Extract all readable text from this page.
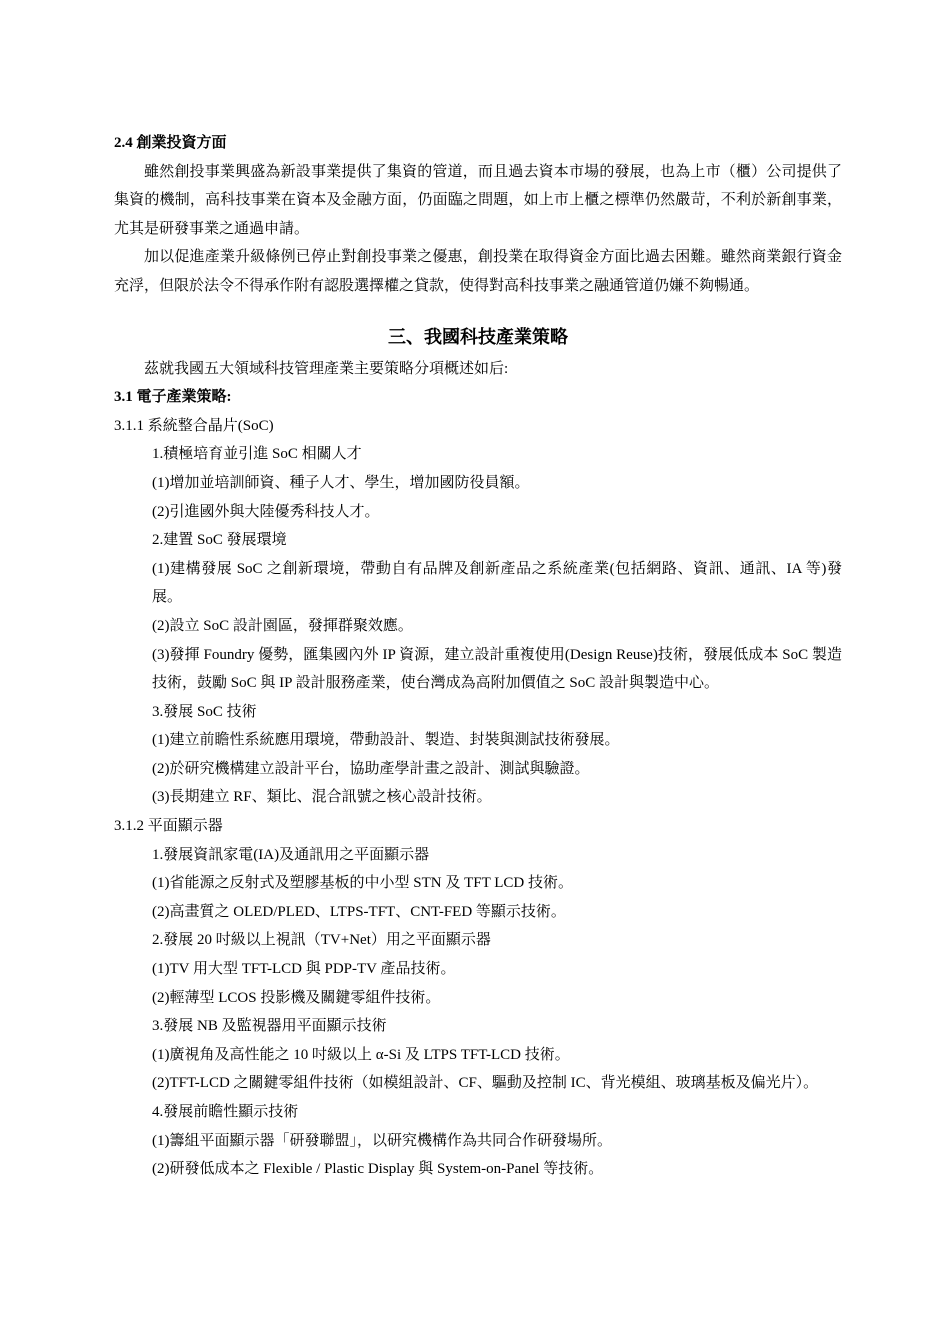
2.4 創業投資方面

雖然創投事業興盛為新設事業提供了集資的管道，而且過去資本市場的發展，也為上市（櫃）公司提供了集資的機制，高科技事業在資本及金融方面，仍面臨之問題，如上市上櫃之標準仍然嚴苛，不利於新創事業，尤其是研發事業之通過申請。

加以促進產業升級條例已停止對創投事業之優惠，創投業在取得資金方面比過去困難。雖然商業銀行資金充浮，但限於法令不得承作附有認股選擇權之貸款，使得對高科技事業之融通管道仍嫌不夠暢通。

三、我國科技產業策略

茲就我國五大領域科技管理產業主要策略分項概述如后:

3.1 電子產業策略:

3.1.1 系統整合晶片(SoC)

1.積極培育並引進 SoC 相關人才

(1)增加並培訓師資、種子人才、學生，增加國防役員額。

(2)引進國外與大陸優秀科技人才。

2.建置 SoC 發展環境

(1)建構發展 SoC 之創新環境，帶動自有品牌及創新產品之系統產業(包括網路、資訊、通訊、IA 等)發展。

(2)設立 SoC 設計園區，發揮群聚效應。

(3)發揮 Foundry 優勢，匯集國內外 IP 資源，建立設計重複使用(Design Reuse)技術，發展低成本 SoC 製造技術，鼓勵 SoC 與 IP 設計服務產業，使台灣成為高附加價值之 SoC 設計與製造中心。

3.發展 SoC 技術

(1)建立前瞻性系統應用環境，帶動設計、製造、封裝與測試技術發展。

(2)於研究機構建立設計平台，協助產學計畫之設計、測試與驗證。

(3)長期建立 RF、類比、混合訊號之核心設計技術。

3.1.2 平面顯示器

1.發展資訊家電(IA)及通訊用之平面顯示器

(1)省能源之反射式及塑膠基板的中小型 STN 及 TFT LCD 技術。

(2)高畫質之 OLED/PLED、LTPS-TFT、CNT-FED 等顯示技術。

2.發展 20 吋級以上視訊（TV+Net）用之平面顯示器

(1)TV 用大型 TFT-LCD 與 PDP-TV 產品技術。

(2)輕薄型 LCOS 投影機及關鍵零組件技術。

3.發展 NB 及監視器用平面顯示技術

(1)廣視角及高性能之 10 吋級以上 α-Si 及 LTPS TFT-LCD 技術。

(2)TFT-LCD 之關鍵零組件技術（如模組設計、CF、驅動及控制 IC、背光模組、玻璃基板及偏光片）。

4.發展前瞻性顯示技術

(1)籌組平面顯示器「研發聯盟」，以研究機構作為共同合作研發場所。

(2)研發低成本之 Flexible / Plastic Display 與 System-on-Panel 等技術。
